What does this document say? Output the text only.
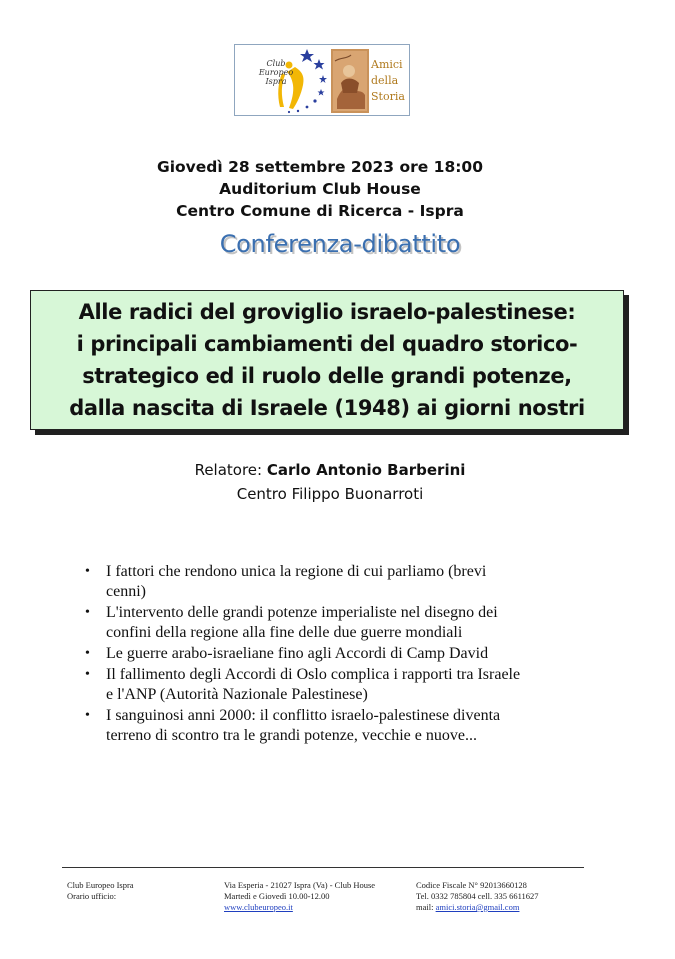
Club
Europeo
Ispra
Amici
della
Storia
Giovedì 28 settembre 2023 ore 18:00
Auditorium Club House
Centro Comune di Ricerca - Ispra
Conferenza-dibattito
Alle radici del groviglio israelo-palestinese:
i principali cambiamenti del quadro storico-
strategico ed il ruolo delle grandi potenze,
dalla nascita di Israele (1948) ai giorni nostri
Relatore: Carlo Antonio Barberini
Centro Filippo Buonarroti
• I fattori che rendono unica la regione di cui parliamo (brevi
cenni)
• L'intervento delle grandi potenze imperialiste nel disegno dei
confini della regione alla fine delle due guerre mondiali
• Le guerre arabo-israeliane fino agli Accordi di Camp David
• Il fallimento degli Accordi di Oslo complica i rapporti tra Israele
e l'ANP (Autorità Nazionale Palestinese)
• I sanguinosi anni 2000: il conflitto israelo-palestinese diventa
terreno di scontro tra le grandi potenze, vecchie e nuove...
Club Europeo Ispra
Orario ufficio:
Via Esperia - 21027 Ispra (Va) - Club House
Martedì e Giovedì 10.00-12.00
www.clubeuropeo.it
Codice Fiscale N° 92013660128
Tel. 0332 785804 cell. 335 6611627
mail: amici.storia@gmail.com
